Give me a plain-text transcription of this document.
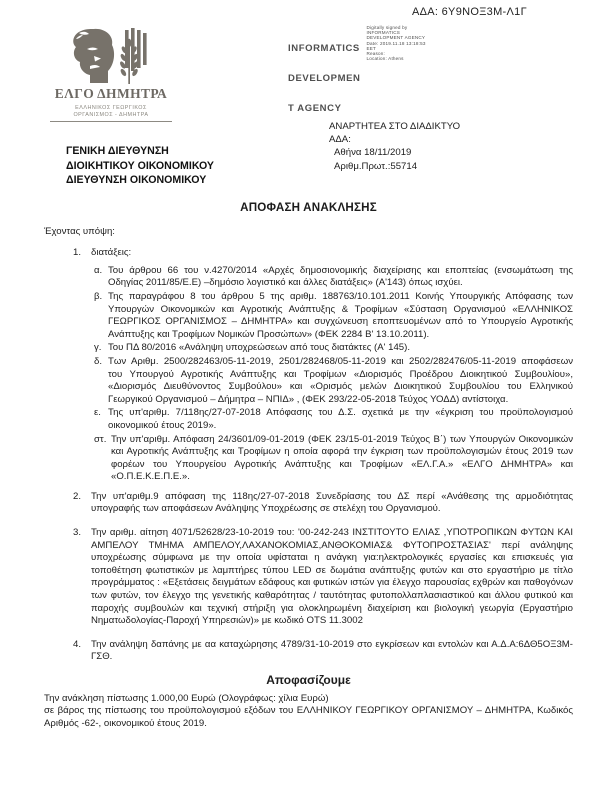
ΑΔΑ: 6Υ9ΝΟΞ3Μ-Λ1Γ
ΕΛΓΟ ΔΗΜΗΤΡΑ
ΕΛΛΗΝΙΚΟΣ ΓΕΩΡΓΙΚΟΣ
ΟΡΓΑΝΙΣΜΟΣ - ΔΗΜΗΤΡΑ

INFORMATICS

DEVELOPMEN

T AGENCY

Digitally signed by
INFORMATICS
DEVELOPMENT AGENCY
Date: 2019.11.18 13:18:53
EET
Reason:
Location: Athens
ΑΝΑΡΤΗΤΕΑ ΣΤΟ ΔΙΑΔΙΚΤΥΟ
ΑΔΑ:
Αθήνα 18/11/2019
Αριθμ.Πρωτ.:55714
ΓΕΝΙΚΗ ΔΙΕΥΘΥΝΣΗ
ΔΙΟΙΚΗΤΙΚΟΥ ΟΙΚΟΝΟΜΙΚΟΥ
ΔΙΕΥΘΥΝΣΗ ΟΙΚΟΝΟΜΙΚΟΥ
ΑΠΟΦΑΣΗ ΑΝΑΚΛΗΣΗΣ
Έχοντας υπόψη:
1.	διατάξεις:
α. Του άρθρου 66 του ν.4270/2014 «Αρχές δημοσιονομικής διαχείρισης και εποπτείας (ενσωμάτωση της Οδηγίας 2011/85/Ε.Ε) –δημόσιο λογιστικό και άλλες διατάξεις» (Α'143) όπως ισχύει.
β. Της παραγράφου 8 του άρθρου 5 της αριθμ. 188763/10.101.2011 Κοινής Υπουργικής Απόφασης των Υπουργών Οικονομικών και Αγροτικής Ανάπτυξης & Τροφίμων «Σύσταση Οργανισμού «ΕΛΛΗΝΙΚΟΣ ΓΕΩΡΓΙΚΟΣ ΟΡΓΑΝΙΣΜΟΣ – ΔΗΜΗΤΡΑ» και συγχώνευση εποπτευομένων από το Υπουργείο Αγροτικής Ανάπτυξης και Τροφίμων Νομικών Προσώπων» (ΦΕΚ 2284 Β' 13.10.2011).
γ. Του ΠΔ 80/2016 «Ανάληψη υποχρεώσεων από τους διατάκτες (Α' 145).
δ. Των Αριθμ. 2500/282463/05-11-2019, 2501/282468/05-11-2019 και 2502/282476/05-11-2019 αποφάσεων του Υπουργού Αγροτικής Ανάπτυξης και Τροφίμων «Διορισμός Προέδρου Διοικητικού Συμβουλίου», «Διορισμός Διευθύνοντος Συμβούλου» και «Ορισμός μελών Διοικητικού Συμβουλίου του Ελληνικού Γεωργικού Οργανισμού – Δήμητρα – ΝΠΙΔ» , (ΦΕΚ 293/22-05-2018 Τεύχος ΥΟΔΔ) αντίστοιχα.
ε. Της υπ'αριθμ. 7/118ης/27-07-2018 Απόφασης του Δ.Σ. σχετικά με την «έγκριση του προϋπολογισμού οικονομικού έτους 2019».
στ. Την υπ'αριθμ. Απόφαση 24/3601/09-01-2019 (ΦΕΚ 23/15-01-2019 Τεύχος Β΄) των Υπουργών Οικονομικών και Αγροτικής Ανάπτυξης και Τροφίμων η οποία αφορά την έγκριση των προϋπολογισμών έτους 2019 των φορέων του Υπουργείου Αγροτικής Ανάπτυξης και Τροφίμων «ΕΛ.Γ.Α.» «ΕΛΓΟ ΔΗΜΗΤΡΑ» και «Ο.Π.Ε.Κ.Ε.Π.Ε.».
2.	Την υπ'αριθμ.9 απόφαση της 118ης/27-07-2018 Συνεδρίασης του ΔΣ περί «Ανάθεσης της αρμοδιότητας υπογραφής των αποφάσεων Ανάληψης Υποχρέωσης σε στελέχη του Οργανισμού.
3.	Την αριθμ. αίτηση 4071/52628/23-10-2019 του: '00-242-243 ΙΝΣΤΙΤΟΥΤΟ ΕΛΙΑΣ ,ΥΠΟΤΡΟΠΙΚΩΝ ΦΥΤΩΝ ΚΑΙ ΑΜΠΕΛΟΥ ΤΜΗΜΑ ΑΜΠΕΛΟΥ,ΛΑΧΑΝΟΚΟΜΙΑΣ,ΑΝΘΟΚΟΜΙΑΣ& ΦΥΤΟΠΡΟΣΤΑΣΙΑΣ' περί ανάληψης υποχρέωσης σύμφωνα με την οποία υφίσταται η ανάγκη για:ηλεκτρολογικές εργασίες και επισκευές για τοποθέτηση φωτιστικών με λαμπτήρες τύπου LED σε δωμάτια ανάπτυξης φυτών και στο εργαστήριο με τίτλο προγράμματος : «Εξετάσεις δειγμάτων εδάφους και φυτικών ιστών για έλεγχο παρουσίας εχθρών και παθογόνων των φυτών, τον έλεγχο της γενετικής καθαρότητας / ταυτότητας φυτοπολλαπλασιαστικού και άλλου φυτικού και παροχής συμβουλών και τεχνική στήριξη για ολοκληρωμένη διαχείριση και βιολογική γεωργία (Εργαστήριο Νηματωδολογίας-Παροχή Υπηρεσιών)» με κωδικό OTS 11.3002
4.	Την ανάληψη δαπάνης με αα καταχώρησης 4789/31-10-2019 στο εγκρίσεων και εντολών και Α.Δ.Α:6ΔΘ5ΟΞ3Μ-ΓΣΘ.
Αποφασίζουμε

Την ανάκληση πίστωσης 1.000,00 Ευρώ (Ολογράφως: χίλια Ευρώ)

σε βάρος της πίστωσης του προϋπολογισμού εξόδων του ΕΛΛΗΝΙΚΟΥ ΓΕΩΡΓΙΚΟΥ ΟΡΓΑΝΙΣΜΟΥ – ΔΗΜΗΤΡΑ, Κωδικός Αριθμός -62-, οικονομικού έτους 2019.
